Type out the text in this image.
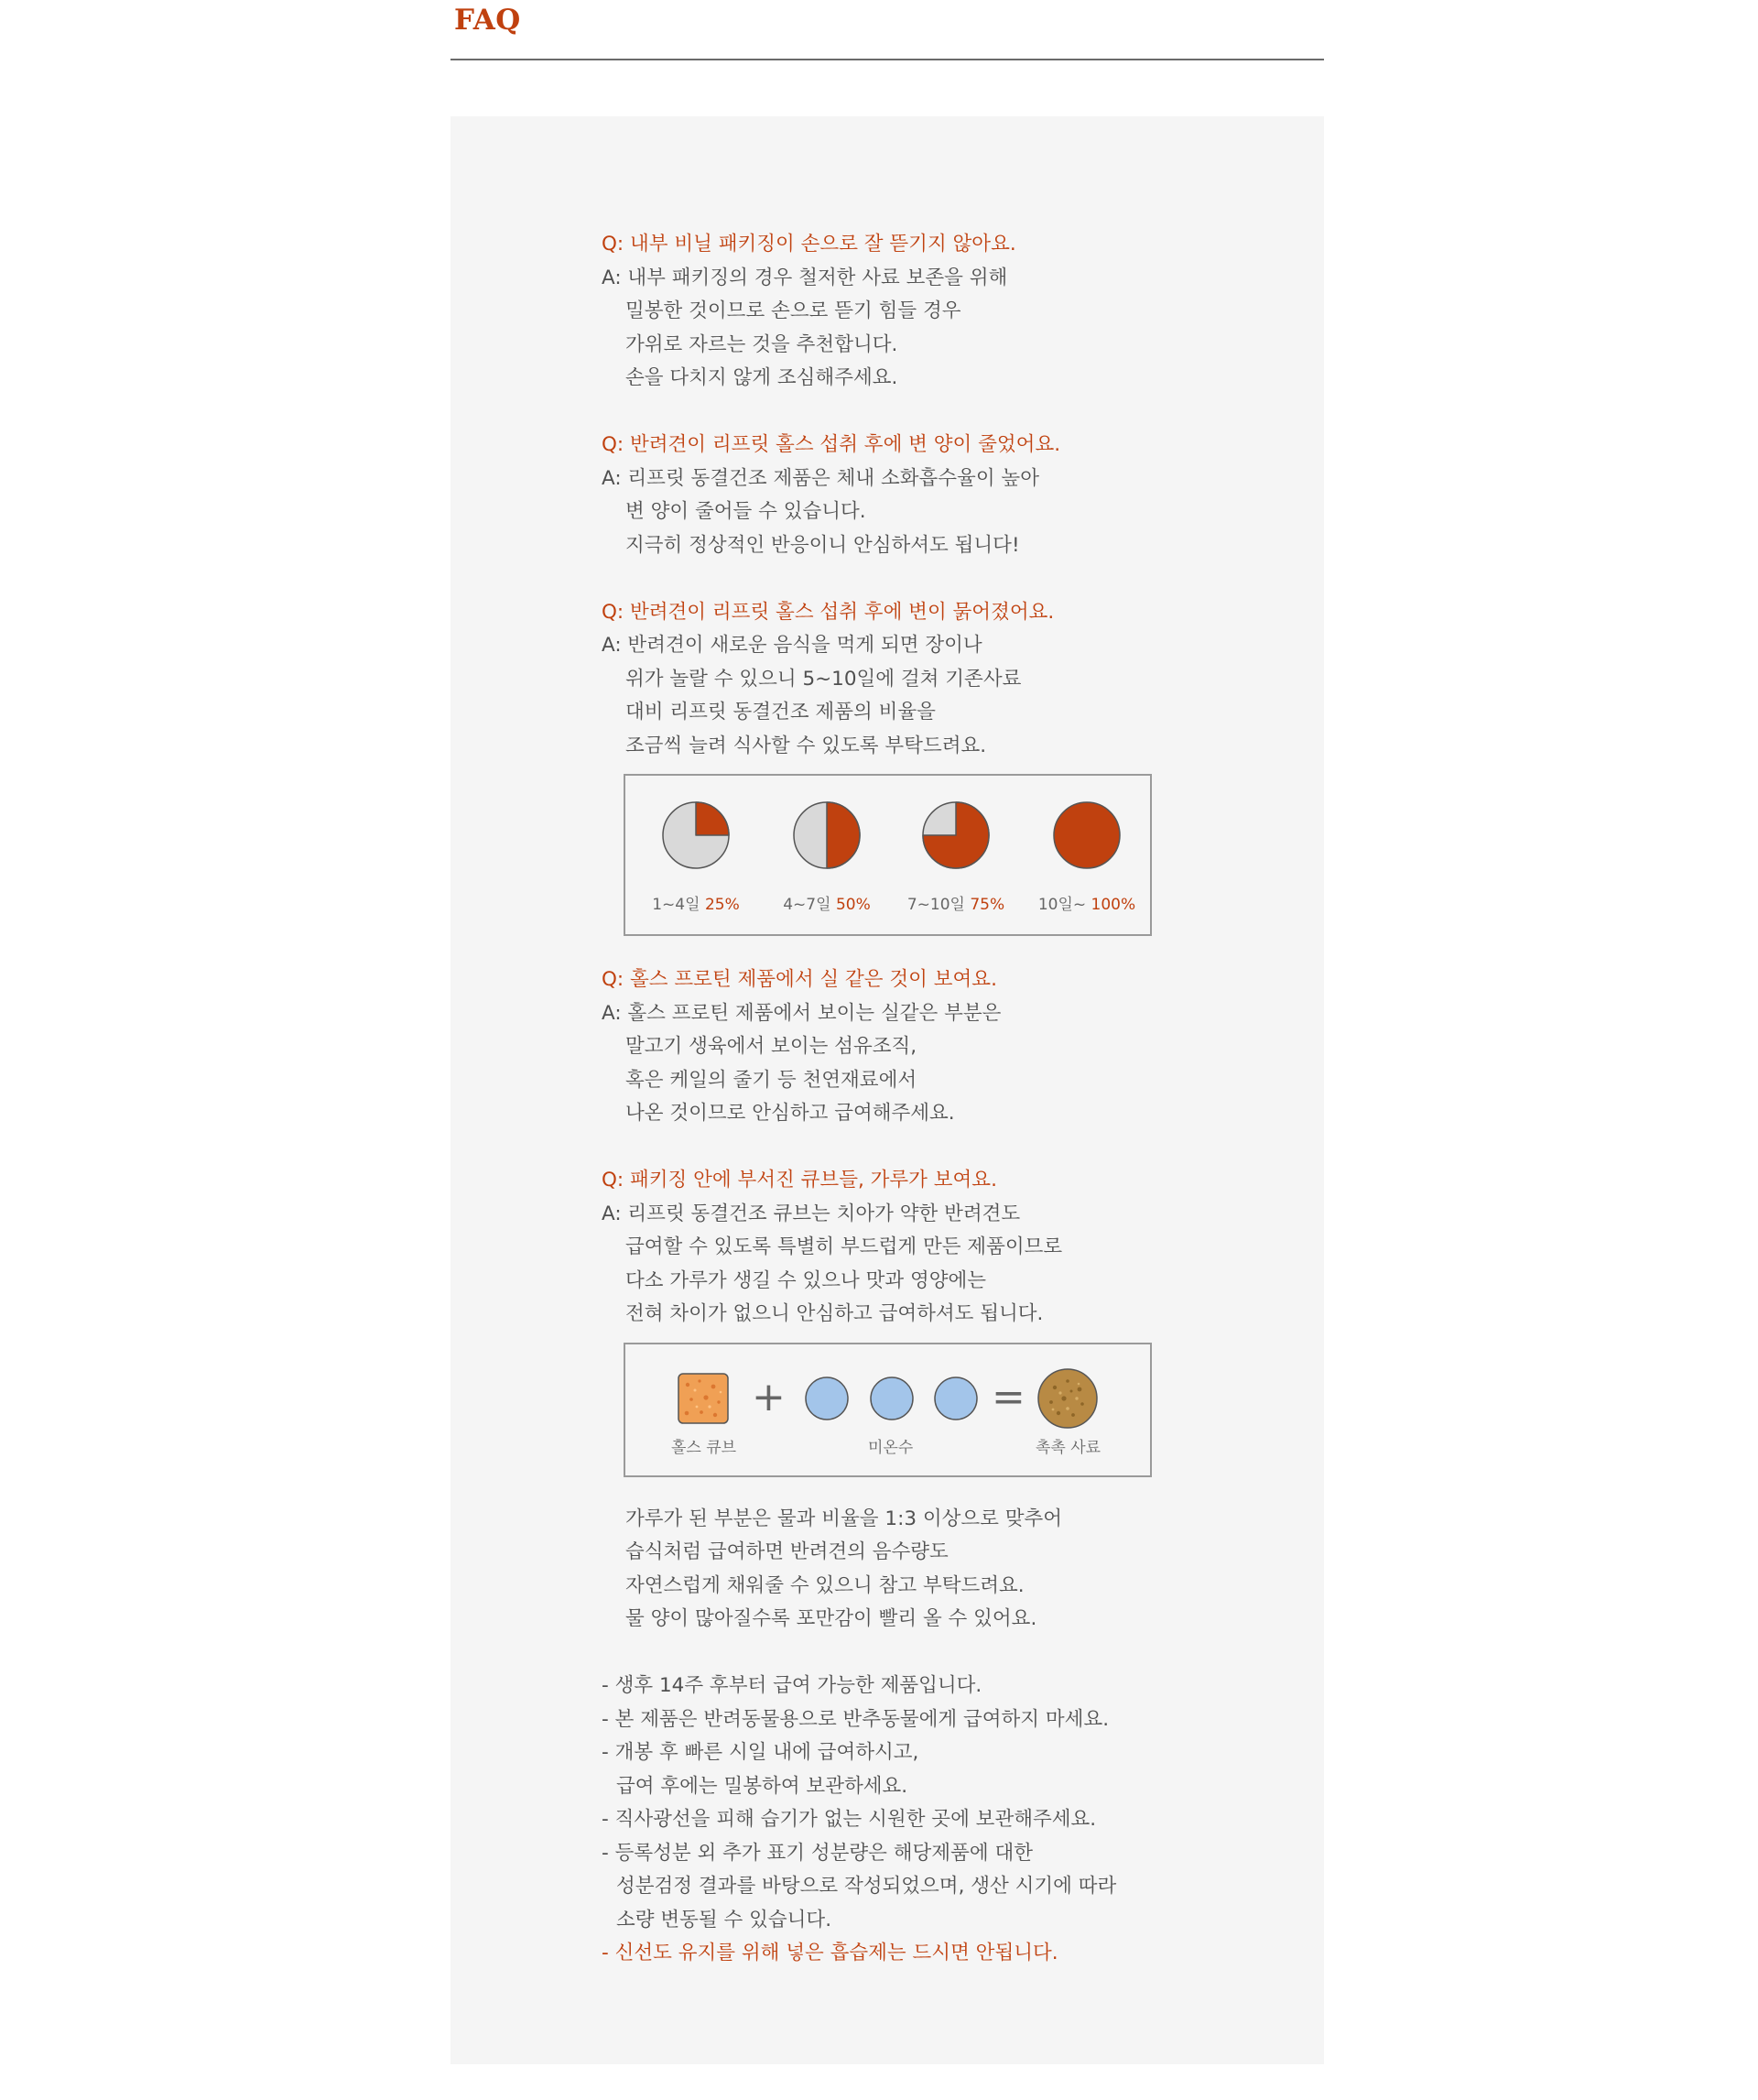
FAQ
Q: 내부 비닐 패키징이 손으로 잘 뜯기지 않아요.
A: 내부 패키징의 경우 철저한 사료 보존을 위해
밀봉한 것이므로 손으로 뜯기 힘들 경우
가위로 자르는 것을 추천합니다.
손을 다치지 않게 조심해주세요.
Q: 반려견이 리프릿 홀스 섭취 후에 변 양이 줄었어요.
A: 리프릿 동결건조 제품은 체내 소화흡수율이 높아
변 양이 줄어들 수 있습니다.
지극히 정상적인 반응이니 안심하셔도 됩니다!
Q: 반려견이 리프릿 홀스 섭취 후에 변이 묽어졌어요.
A: 반려견이 새로운 음식을 먹게 되면 장이나
위가 놀랄 수 있으니 5~10일에 걸쳐 기존사료
대비 리프릿 동결건조 제품의 비율을
조금씩 늘려 식사할 수 있도록 부탁드려요.
1~4일 25%	4~7일 50%	7~10일 75%	10일~ 100%
Q: 홀스 프로틴 제품에서 실 같은 것이 보여요.
A: 홀스 프로틴 제품에서 보이는 실같은 부분은
말고기 생육에서 보이는 섬유조직,
혹은 케일의 줄기 등 천연재료에서
나온 것이므로 안심하고 급여해주세요.
Q: 패키징 안에 부서진 큐브들, 가루가 보여요.
A: 리프릿 동결건조 큐브는 치아가 약한 반려견도
급여할 수 있도록 특별히 부드럽게 만든 제품이므로
다소 가루가 생길 수 있으나 맛과 영양에는
전혀 차이가 없으니 안심하고 급여하셔도 됩니다.
+	=
홀스 큐브	미온수	촉촉 사료
가루가 된 부분은 물과 비율을 1:3 이상으로 맞추어
습식처럼 급여하면 반려견의 음수량도
자연스럽게 채워줄 수 있으니 참고 부탁드려요.
물 양이 많아질수록 포만감이 빨리 올 수 있어요.
- 생후 14주 후부터 급여 가능한 제품입니다.
- 본 제품은 반려동물용으로 반추동물에게 급여하지 마세요.
- 개봉 후 빠른 시일 내에 급여하시고,
급여 후에는 밀봉하여 보관하세요.
- 직사광선을 피해 습기가 없는 시원한 곳에 보관해주세요.
- 등록성분 외 추가 표기 성분량은 해당제품에 대한
성분검정 결과를 바탕으로 작성되었으며, 생산 시기에 따라
소량 변동될 수 있습니다.
- 신선도 유지를 위해 넣은 흡습제는 드시면 안됩니다.
